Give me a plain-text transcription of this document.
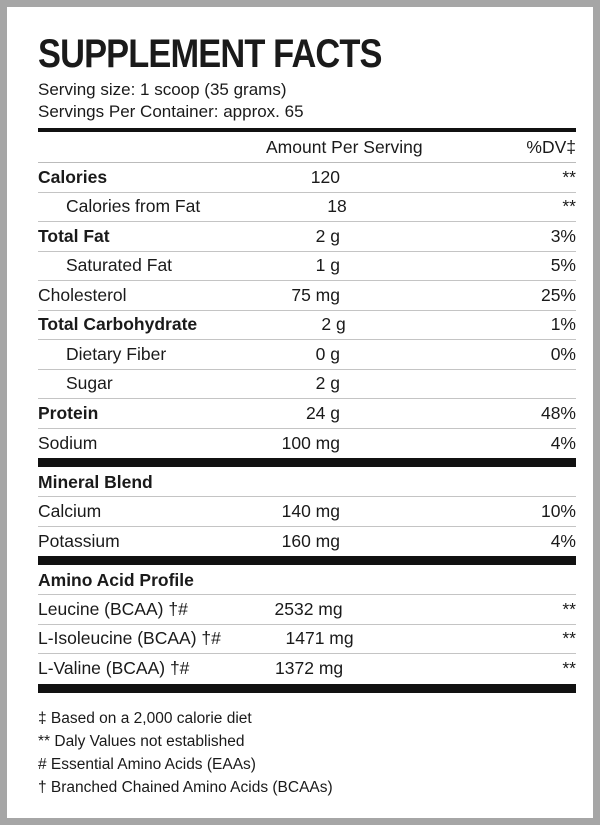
SUPPLEMENT FACTS
Serving size: 1 scoop (35 grams)
Servings Per Container: approx. 65
Amount Per Serving	%DV‡
Calories	120	**
Calories from Fat	18	**
Total Fat	2 g	3%
Saturated Fat	1 g	5%
Cholesterol	75 mg	25%
Total Carbohydrate	2 g	1%
Dietary Fiber	0 g	0%
Sugar	2 g
Protein	24 g	48%
Sodium	100 mg	4%
Mineral Blend
Calcium	140 mg	10%
Potassium	160 mg	4%
Amino Acid Profile
Leucine (BCAA) †#	2532 mg	**
L-Isoleucine (BCAA) †#	1471 mg	**
L-Valine (BCAA) †#	1372 mg	**
‡ Based on a 2,000 calorie diet
** Daly Values not established
# Essential Amino Acids (EAAs)
† Branched Chained Amino Acids (BCAAs)
